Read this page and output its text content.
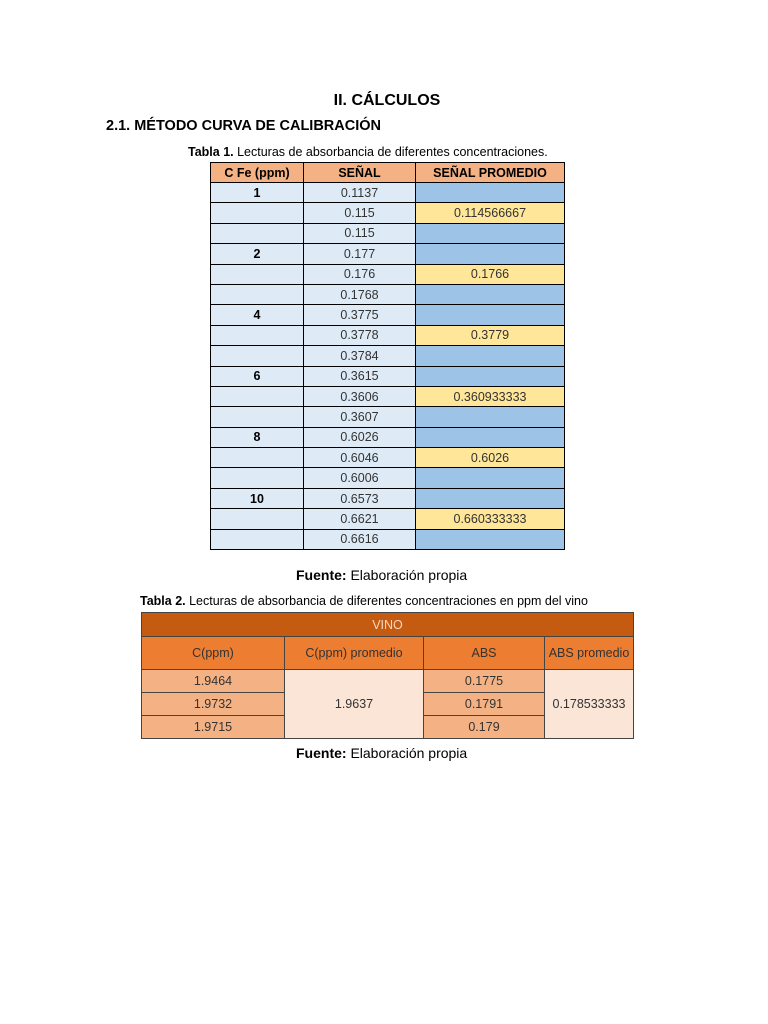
II. CÁLCULOS
2.1. MÉTODO CURVA DE CALIBRACIÓN
Tabla 1. Lecturas de absorbancia de diferentes concentraciones.
C Fe (ppm)	SEÑAL	SEÑAL PROMEDIO
1	0.1137	
	0.115	0.114566667
	0.115	
2	0.177	
	0.176	0.1766
	0.1768	
4	0.3775	
	0.3778	0.3779
	0.3784	
6	0.3615	
	0.3606	0.360933333
	0.3607	
8	0.6026	
	0.6046	0.6026
	0.6006	
10	0.6573	
	0.6621	0.660333333
	0.6616	
Fuente: Elaboración propia
Tabla 2. Lecturas de absorbancia de diferentes concentraciones en ppm del vino
VINO			
C(ppm)	C(ppm) promedio	ABS	ABS promedio
1.9464	1.9637	0.1775	0.178533333
1.9732		0.1791	
1.9715		0.179	
Fuente: Elaboración propia
